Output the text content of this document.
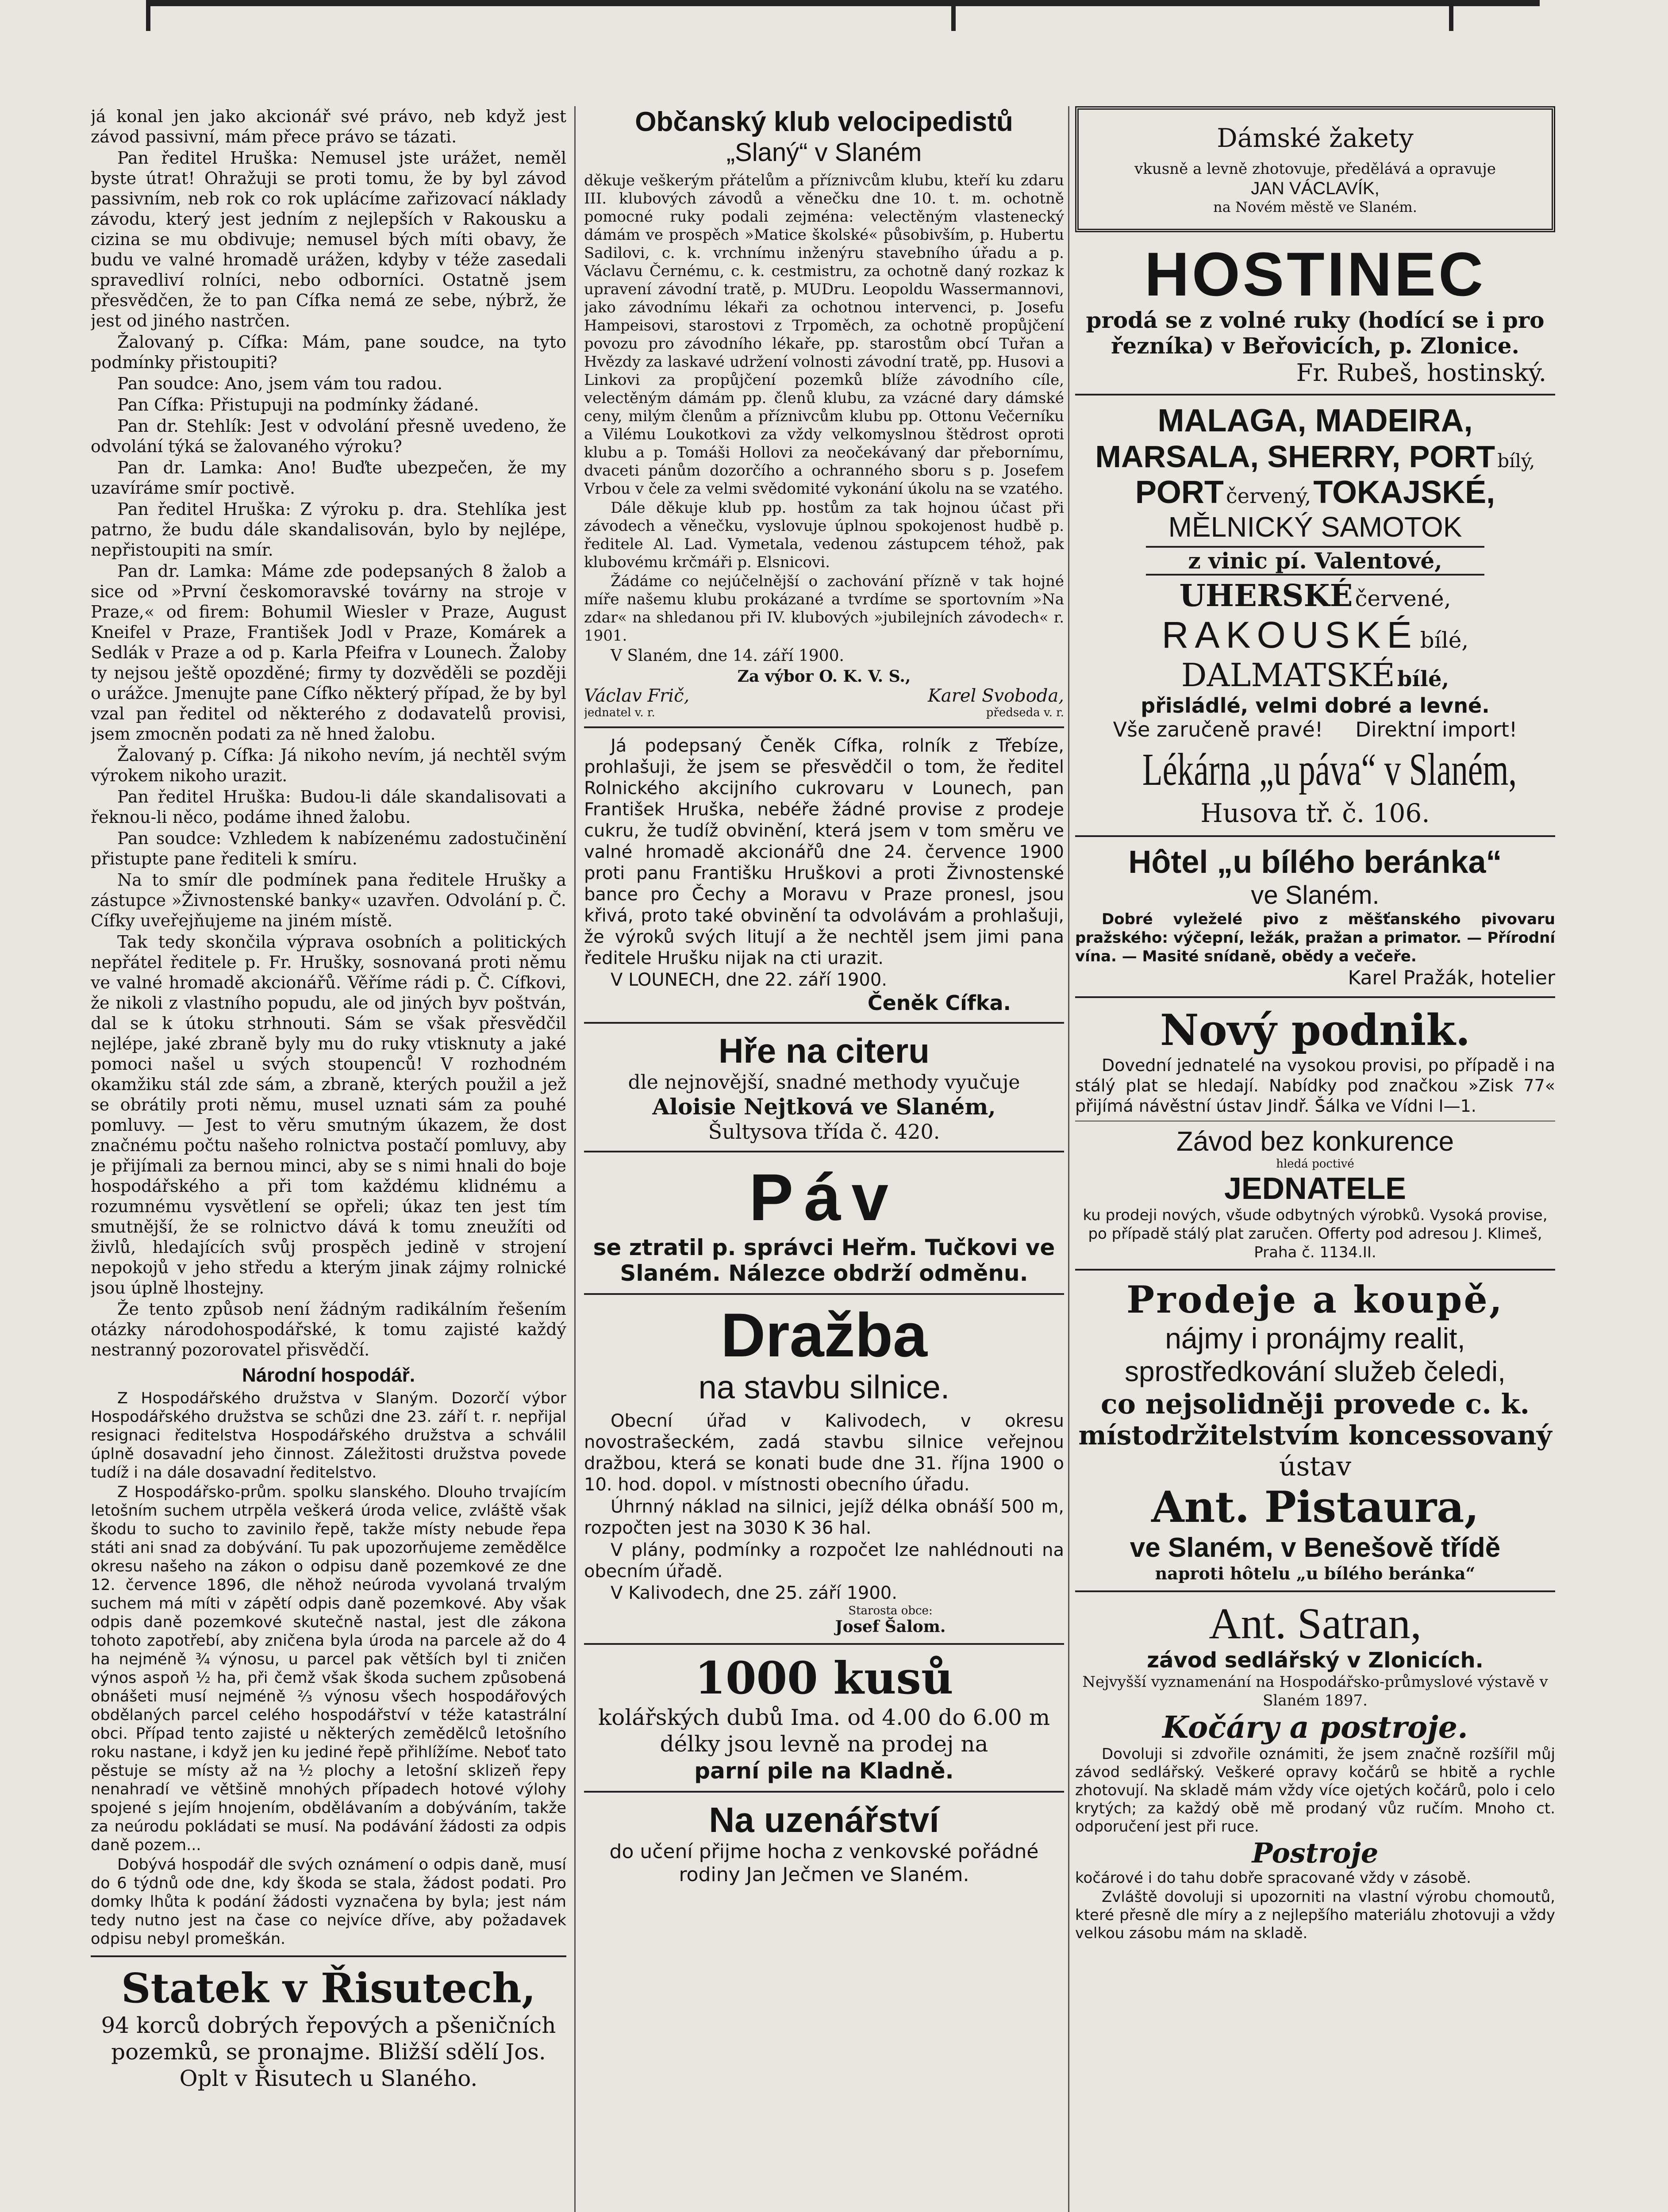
já konal jen jako akcionář své právo, neb když jest závod passivní, mám přece právo se tázati.

Pan ředitel Hruška: Nemusel jste urážet, neměl byste útrat! Ohražuji se proti tomu, že by byl závod passivním, neb rok co rok uplácíme zařizovací náklady závodu, který jest jedním z nejlepších v Rakousku a cizina se mu obdivuje; nemusel bých míti obavy, že budu ve valné hromadě urážen, kdyby v téže zasedali spravedliví rolníci, nebo odborníci. Ostatně jsem přesvědčen, že to pan Cífka nemá ze sebe, nýbrž, že jest od jiného nastrčen.

Žalovaný p. Cífka: Mám, pane soudce, na tyto podmínky přistoupiti?

Pan soudce: Ano, jsem vám tou radou.

Pan Cífka: Přistupuji na podmínky žádané.

Pan dr. Stehlík: Jest v odvolání přesně uvedeno, že odvolání týká se žalovaného výroku?

Pan dr. Lamka: Ano! Buďte ubezpečen, že my uzavíráme smír poctivě.

Pan ředitel Hruška: Z výroku p. dra. Stehlíka jest patrno, že budu dále skandalisován, bylo by nejlépe, nepřistoupiti na smír.

Pan dr. Lamka: Máme zde podepsaných 8 žalob a sice od »První českomoravské továrny na stroje v Praze,« od firem: Bohumil Wiesler v Praze, August Kneifel v Praze, František Jodl v Praze, Komárek a Sedlák v Praze a od p. Karla Pfeifra v Lounech. Žaloby ty nejsou ještě opozděné; firmy ty dozvěděli se později o urážce. Jmenujte pane Cífko některý případ, že by byl vzal pan ředitel od některého z dodavatelů provisi, jsem zmocněn podati za ně hned žalobu.

Žalovaný p. Cífka: Já nikoho nevím, já nechtěl svým výrokem nikoho urazit.

Pan ředitel Hruška: Budou-li dále skandalisovati a řeknou-li něco, podáme ihned žalobu.

Pan soudce: Vzhledem k nabízenému zadostučinění přistupte pane řediteli k smíru.

Na to smír dle podmínek pana ředitele Hrušky a zástupce »Živnostenské banky« uzavřen. Odvolání p. Č. Cífky uveřejňujeme na jiném místě.

Tak tedy skončila výprava osobních a politických nepřátel ředitele p. Fr. Hrušky, sosnovaná proti němu ve valné hromadě akcionářů. Věříme rádi p. Č. Cífkovi, že nikoli z vlastního popudu, ale od jiných byv poštván, dal se k útoku strhnouti. Sám se však přesvědčil nejlépe, jaké zbraně byly mu do ruky vtisknuty a jaké pomoci našel u svých stoupenců! V rozhodném okamžiku stál zde sám, a zbraně, kterých použil a jež se obrátily proti němu, musel uznati sám za pouhé pomluvy. — Jest to věru smutným úkazem, že dost značnému počtu našeho rolnictva postačí pomluvy, aby je přijímali za bernou minci, aby se s nimi hnali do boje hospodářského a při tom každému klidnému a rozumnému vysvětlení se opřeli; úkaz ten jest tím smutnější, že se rolnictvo dává k tomu zneužíti od živlů, hledajících svůj prospěch jedině v strojení nepokojů v jeho středu a kterým jinak zájmy rolnické jsou úplně lhostejny.

Že tento způsob není žádným radikálním řešením otázky národohospodářské, k tomu zajisté každý nestranný pozorovatel přisvědčí.

Národní hospodář.

Z Hospodářského družstva v Slaným. Dozorčí výbor Hospodářského družstva se schůzi dne 23. září t. r. nepřijal resignaci ředitelstva Hospodářského družstva a schválil úplně dosavadní jeho činnost. Záležitosti družstva povede tudíž i na dále dosavadní ředitelstvo.

Z Hospodářsko-prům. spolku slanského. Dlouho trvajícím letošním suchem utrpěla veškerá úroda velice, zvláště však škodu to sucho to zavinilo řepě, takže místy nebude řepa státi ani snad za dobývání. Tu pak upozorňujeme zemědělce okresu našeho na zákon o odpisu daně pozemkové ze dne 12. července 1896, dle něhož neúroda vyvolaná trvalým suchem má míti v zápětí odpis daně pozemkové. Aby však odpis daně pozemkové skutečně nastal, jest dle zákona tohoto zapotřebí, aby zničena byla úroda na parcele až do 4 ha nejméně ¾ výnosu, u parcel pak větších byl ti zničen výnos aspoň ½ ha, při čemž však škoda suchem způsobená obnášeti musí nejméně ⅔ výnosu všech hospodářových obdělaných parcel celého hospodářství v téže katastrální obci. Případ tento zajisté u některých zemědělců letošního roku nastane, i když jen ku jediné řepě přihlížíme. Neboť tato pěstuje se místy až na ½ plochy a letošní sklizeň řepy nenahradí ve většině mnohých případech hotové výlohy spojené s jejím hnojením, obdělávaním a dobýváním, takže za neúrodu pokládati se musí. Na podávání žádosti za odpis daně pozem...

Dobývá hospodář dle svých oznámení o odpis daně, musí do 6 týdnů ode dne, kdy škoda se stala, žádost podati. Pro domky lhůta k podání žádosti vyznačena by byla; jest nám tedy nutno jest na čase co nejvíce dříve, aby požadavek odpisu nebyl promeškán.

Statek v Řisutech,

94 korců dobrých řepových a pšeničních pozemků, se pronajme. Bližší sdělí Jos. Oplt v Řisutech u Slaného.

Občanský klub velocipedistů
„Slaný“ v Slaném

děkuje veškerým přátelům a příznivcům klubu, kteří ku zdaru III. klubových závodů a věnečku dne 10. t. m. ochotně pomocné ruky podali zejména: velectěným vlastenecký dámám ve prospěch »Matice školské« působivším, p. Hubertu Sadilovi, c. k. vrchnímu inženýru stavebního úřadu a p. Václavu Černému, c. k. cestmistru, za ochotně daný rozkaz k upravení závodní tratě, p. MUDru. Leopoldu Wassermannovi, jako závodnímu lékaři za ochotnou intervenci, p. Josefu Hampeisovi, starostovi z Trpoměch, za ochotně propůjčení povozu pro závodního lékaře, pp. starostům obcí Tuřan a Hvězdy za laskavé udržení volnosti závodní tratě, pp. Husovi a Linkovi za propůjčení pozemků blíže závodního cíle, velectěným dámám pp. členů klubu, za vzácné dary dámské ceny, milým členům a příznivcům klubu pp. Ottonu Večerníku a Vilému Loukotkovi za vždy velkomyslnou štědrost oproti klubu a p. Tomáši Hollovi za neočekávaný dar přebornímu, dvaceti pánům dozorčího a ochranného sboru s p. Josefem Vrbou v čele za velmi svědomité vykonání úkolu na se vzatého.

Dále děkuje klub pp. hostům za tak hojnou účast při závodech a věnečku, vyslovuje úplnou spokojenost hudbě p. ředitele Al. Lad. Vymetala, vedenou zástupcem téhož, pak klubovému krčmáři p. Elsnicovi.

Žádáme co nejúčelnější o zachování přízně v tak hojné míře našemu klubu prokázané a tvrdíme se sportovním »Na zdar« na shledanou při IV. klubových »jubilejních závodech« r. 1901.

V Slaném, dne 14. září 1900.

Za výbor O. K. V. S.,
Václav Frič,	Karel Svoboda,
jednatel v. r.	předseda v. r.

Já podepsaný Čeněk Cífka, rolník z Třebíze, prohlašuji, že jsem se přesvědčil o tom, že ředitel Rolnického akcijního cukrovaru v Lounech, pan František Hruška, nebéře žádné provise z prodeje cukru, že tudíž obvinění, která jsem v tom směru ve valné hromadě akcionářů dne 24. července 1900 proti panu Františku Hruškovi a proti Živnostenské bance pro Čechy a Moravu v Praze pronesl, jsou křivá, proto také obvinění ta odvolávám a prohlašuji, že výroků svých litují a že nechtěl jsem jimi pana ředitele Hrušku nijak na cti urazit.

V LOUNECH, dne 22. září 1900.

Čeněk Cífka.
Hře na citeru
dle nejnovější, snadné methody vyučuje
Aloisie Nejtková ve Slaném,
Šultysova třída č. 420.
Páv

se ztratil p. správci Heřm. Tučkovi ve Slaném. Nálezce obdrží odměnu.

Dražba
na stavbu silnice.

Obecní úřad v Kalivodech, v okresu novostrašeckém, zadá stavbu silnice veřejnou dražbou, která se konati bude dne 31. října 1900 o 10. hod. dopol. v místnosti obecního úřadu.

Úhrnný náklad na silnici, jejíž délka obnáší 500 m, rozpočten jest na 3030 K 36 hal.

V plány, podmínky a rozpočet lze nahlédnouti na obecním úřadě.

V Kalivodech, dne 25. září 1900.

Starosta obce:
Josef Šalom.
1000 kusů

kolářských dubů Ima. od 4.00 do 6.00 m délky jsou levně na prodej na

parní pile na Kladně.
Na uzenářství

do učení přijme hocha z venkovské pořádné rodiny Jan Ječmen ve Slaném.

Dámské žakety
vkusně a levně zhotovuje, předělává a opravuje
JAN VÁCLAVÍK,
na Novém městě ve Slaném.
HOSTINEC
prodá se z volné ruky (hodící se i pro řezníka) v Beřovicích, p. Zlonice.
Fr. Rubeš, hostinský.
MALAGA, MADEIRA,
MARSALA, SHERRY, PORT bílý,
PORT červený, TOKAJSKÉ,
MĚLNICKÝ SAMOTOK
z vinic pí. Valentové,
UHERSKÉ červené,
RAKOUSKÉ bílé,
DALMATSKÉ bílé,
přisládlé, velmi dobré a levné.
Vše zaručeně pravé!     Direktní import!
Lékárna „u páva“ v Slaném,
Husova tř. č. 106.
Hôtel „u bílého beránka“
ve Slaném.

Dobré vyleželé pivo z měšťanského pivovaru pražského: výčepní, ležák, pražan a primator. — Přírodní vína. — Masité snídaně, obědy a večeře.

Karel Pražák, hotelier
Nový podnik.

Dovední jednatelé na vysokou provisi, po případě i na stálý plat se hledají. Nabídky pod značkou »Zisk 77« přijímá návěstní ústav Jindř. Šálka ve Vídni I—1.

Závod bez konkurence
hledá poctivé
JEDNATELE

ku prodeji nových, všude odbytných výrobků. Vysoká provise, po případě stálý plat zaručen. Offerty pod adresou J. Klimeš, Praha č. 1134.II.

Prodeje a koupě,
nájmy i pronájmy realit,
sprostředkování služeb čeledi,
co nejsolidněji provede c. k.
místodržitelstvím koncessovaný
ústav
Ant. Pistaura,
ve Slaném, v Benešově třídě
naproti hôtelu „u bílého beránka“
Ant. Satran,
závod sedlářský v Zlonicích.
Nejvyšší vyznamenání na Hospodářsko-průmyslové výstavě v Slaném 1897.
Kočáry a postroje.

Dovoluji si zdvořile oznámiti, že jsem značně rozšířil můj závod sedlářský. Veškeré opravy kočárů se hbitě a rychle zhotovují. Na skladě mám vždy více ojetých kočárů, polo i celo krytých; za každý obě mě prodaný vůz ručím. Mnoho ct. odporučení jest při ruce.

Postroje

kočárové i do tahu dobře spracované vždy v zásobě.

Zvláště dovoluji si upozorniti na vlastní výrobu chomoutů, které přesně dle míry a z nejlepšího materiálu zhotovuji a vždy velkou zásobu mám na skladě.
